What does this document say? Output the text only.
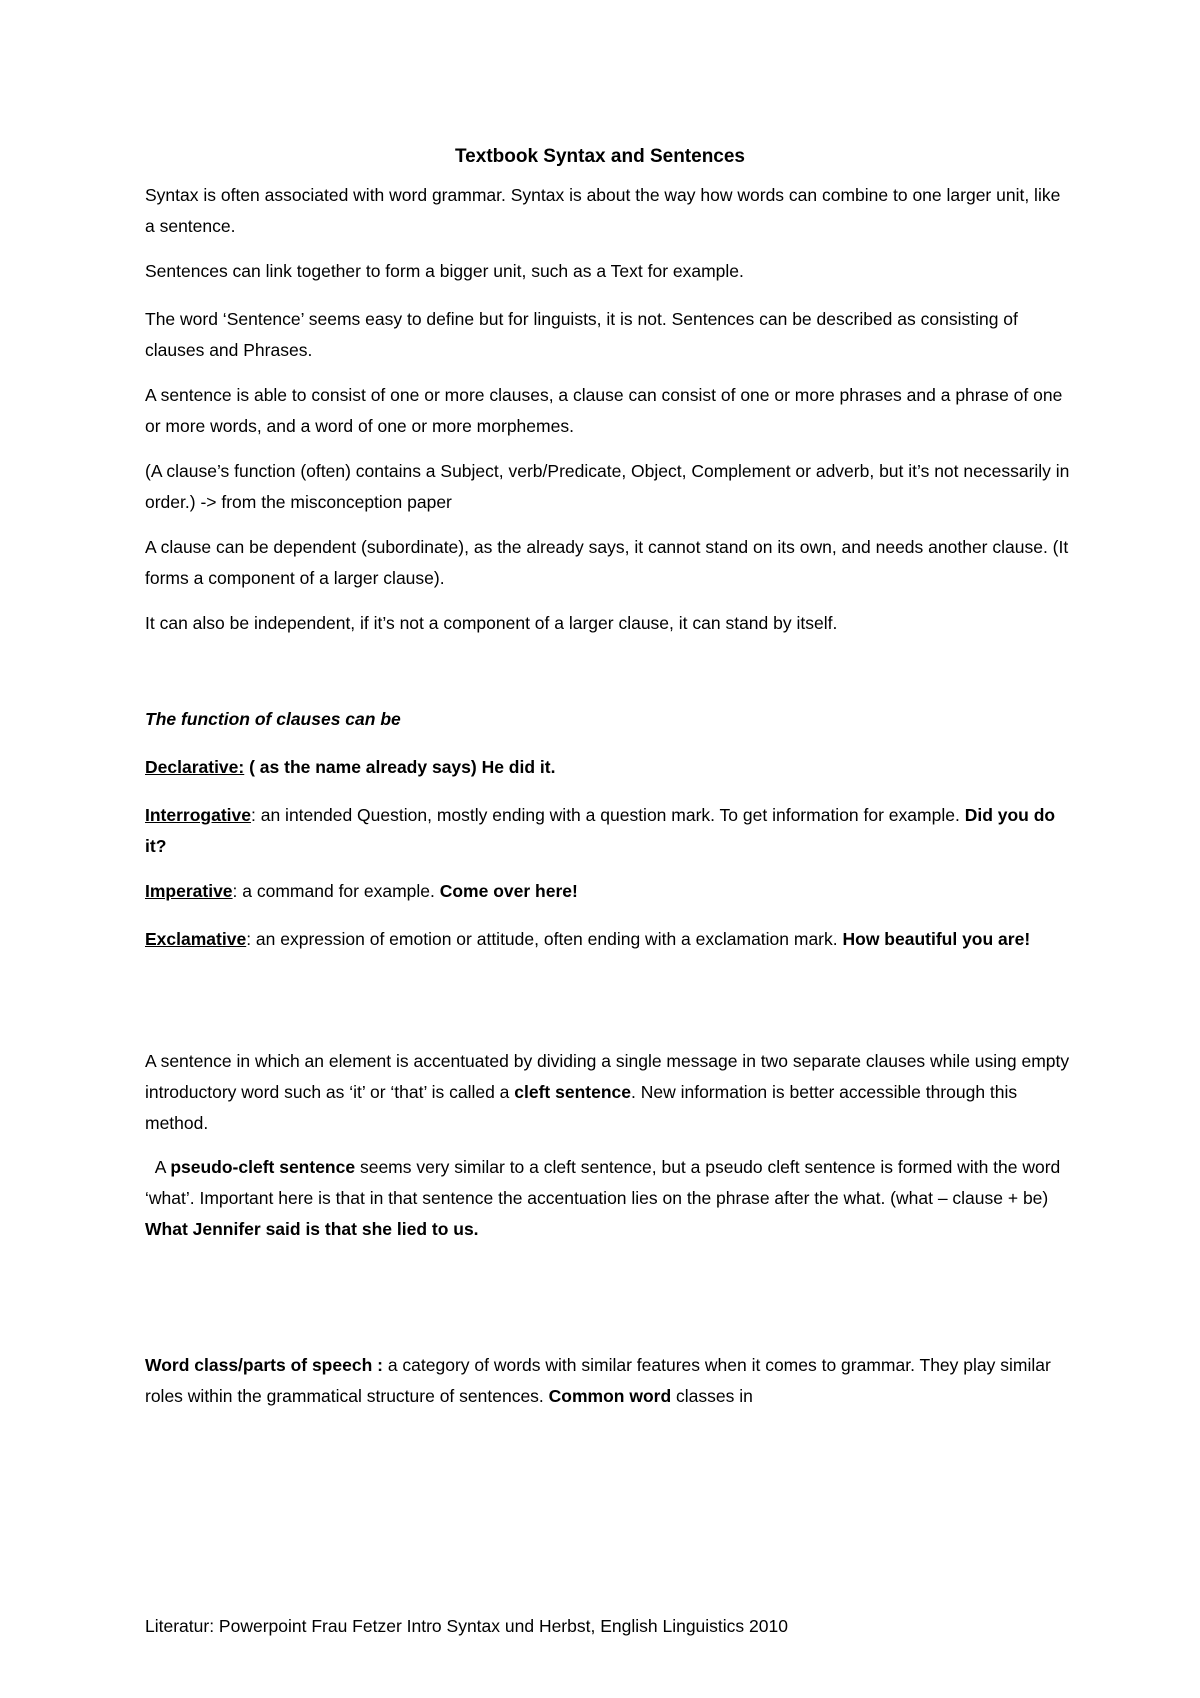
Textbook Syntax and Sentences

Syntax is often associated with word grammar. Syntax is about the way how words can combine to one larger unit, like a sentence.

Sentences can link together to form a bigger unit, such as a Text for example.

The word ‘Sentence’ seems easy to define but for linguists, it is not. Sentences can be described as consisting of clauses and Phrases.

A sentence is able to consist of one or more clauses, a clause can consist of one or more phrases and a phrase of one or more words, and a word of one or more morphemes.

(A clause’s function (often) contains a Subject, verb/Predicate, Object, Complement or adverb, but it’s not necessarily in order.) -> from the misconception paper

A clause can be dependent (subordinate), as the already says, it cannot stand on its own, and needs another clause. (It forms a component of a larger clause).

It can also be independent, if it’s not a component of a larger clause, it can stand by itself.

The function of clauses can be

Declarative: ( as the name already says) He did it.

Interrogative: an intended Question, mostly ending with a question mark. To get information for example. Did you do it?

Imperative: a command for example. Come over here!

Exclamative: an expression of emotion or attitude, often ending with a exclamation mark. How beautiful you are!

A sentence in which an element is accentuated by dividing a single message in two separate clauses while using empty introductory word such as ‘it’ or ‘that’ is called a cleft sentence. New information is better accessible through this method.

A pseudo-cleft sentence seems very similar to a cleft sentence, but a pseudo cleft sentence is formed with the word ‘what’. Important here is that in that sentence the accentuation lies on the phrase after the what. (what – clause + be) What Jennifer said is that she lied to us.

Word class/parts of speech : a category of words with similar features when it comes to grammar. They play similar roles within the grammatical structure of sentences. Common word classes in

Literatur: Powerpoint Frau Fetzer Intro Syntax und Herbst, English Linguistics 2010
